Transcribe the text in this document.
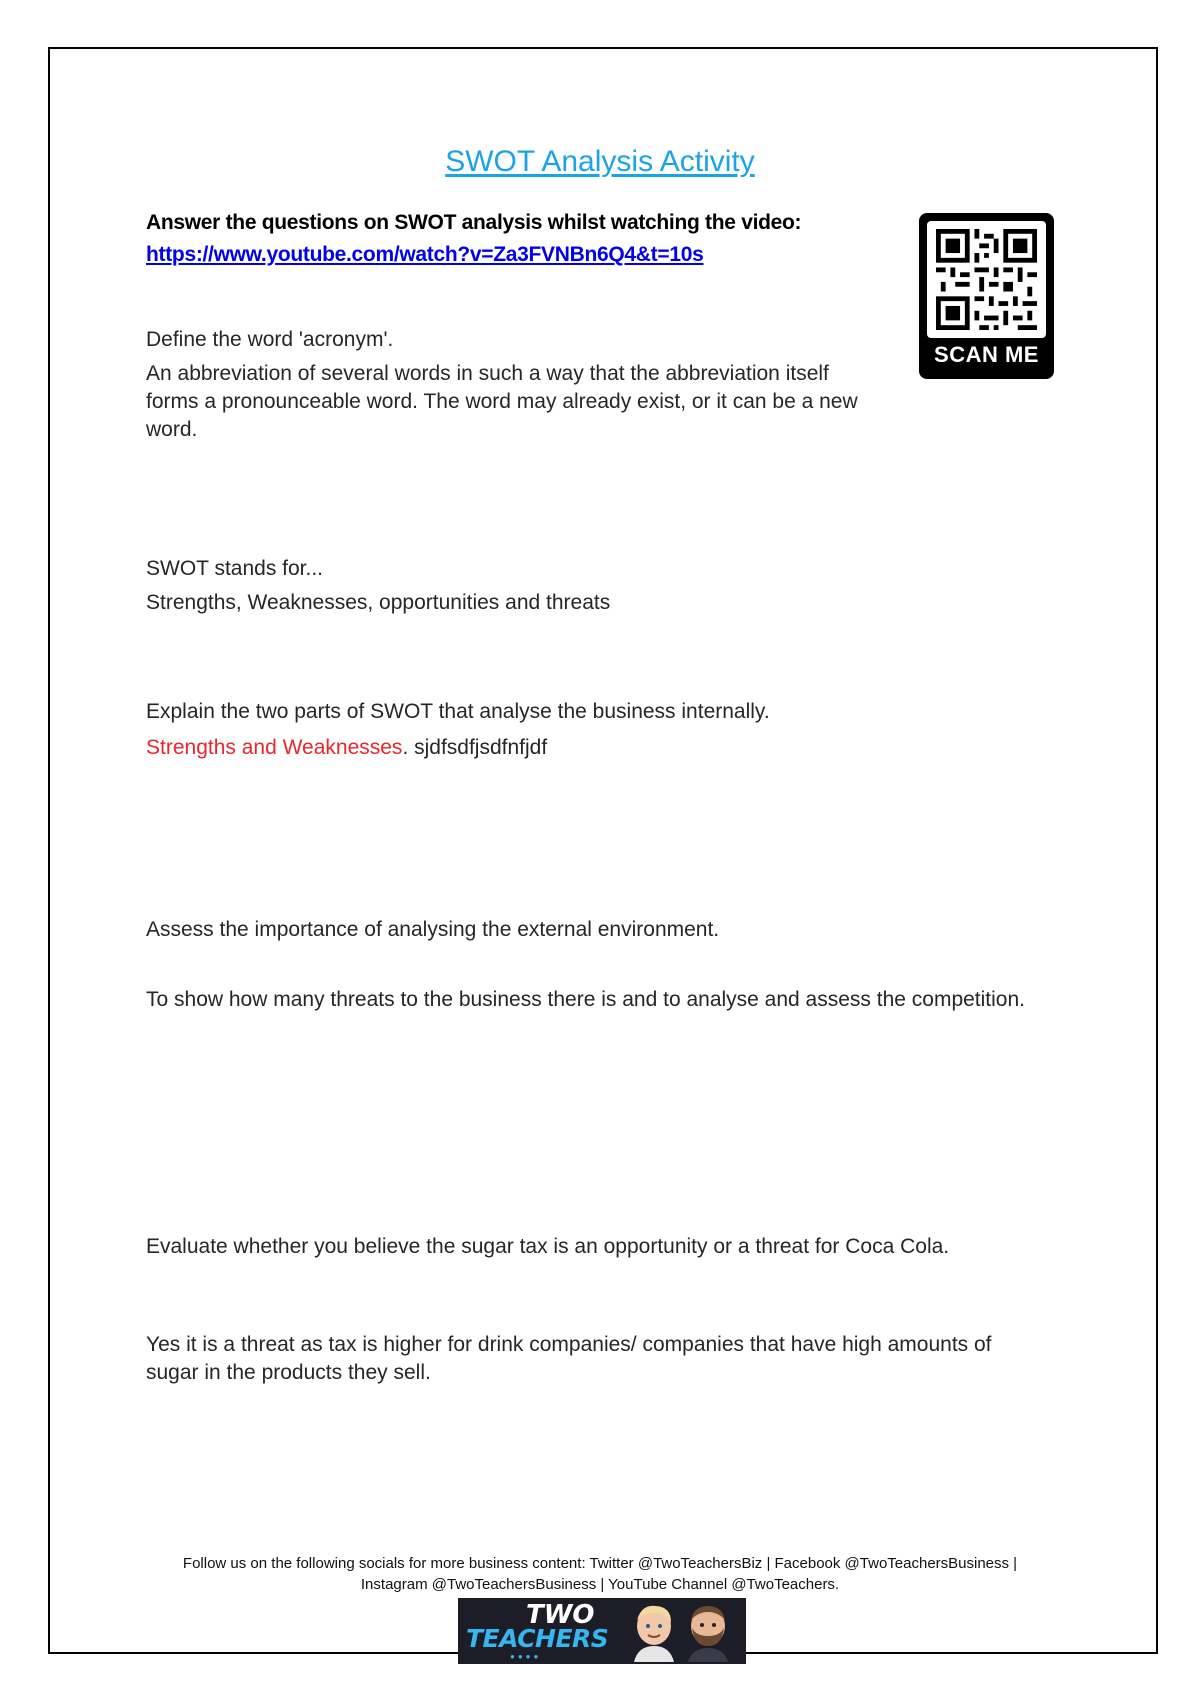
SWOT Analysis Activity

Answer the questions on SWOT analysis whilst watching the video:

https://www.youtube.com/watch?v=Za3FVNBn6Q4&t=10s
SCAN ME

Define the word 'acronym'.

An abbreviation of several words in such a way that the abbreviation itself forms a pronounceable word. The word may already exist, or it can be a new word.

SWOT stands for...

Strengths, Weaknesses, opportunities and threats

Explain the two parts of SWOT that analyse the business internally.

Strengths and Weaknesses. sjdfsdfjsdfnfjdf

Assess the importance of analysing the external environment.

To show how many threats to the business there is and to analyse and assess the competition.

Evaluate whether you believe the sugar tax is an opportunity or a threat for Coca Cola.

Yes it is a threat as tax is higher for drink companies/ companies that have high amounts of sugar in the products they sell.

Follow us on the following socials for more business content: Twitter @TwoTeachersBiz | Facebook @TwoTeachersBusiness |
Instagram @TwoTeachersBusiness | YouTube Channel @TwoTeachers.
TWO
TEACHERS
●●●●
